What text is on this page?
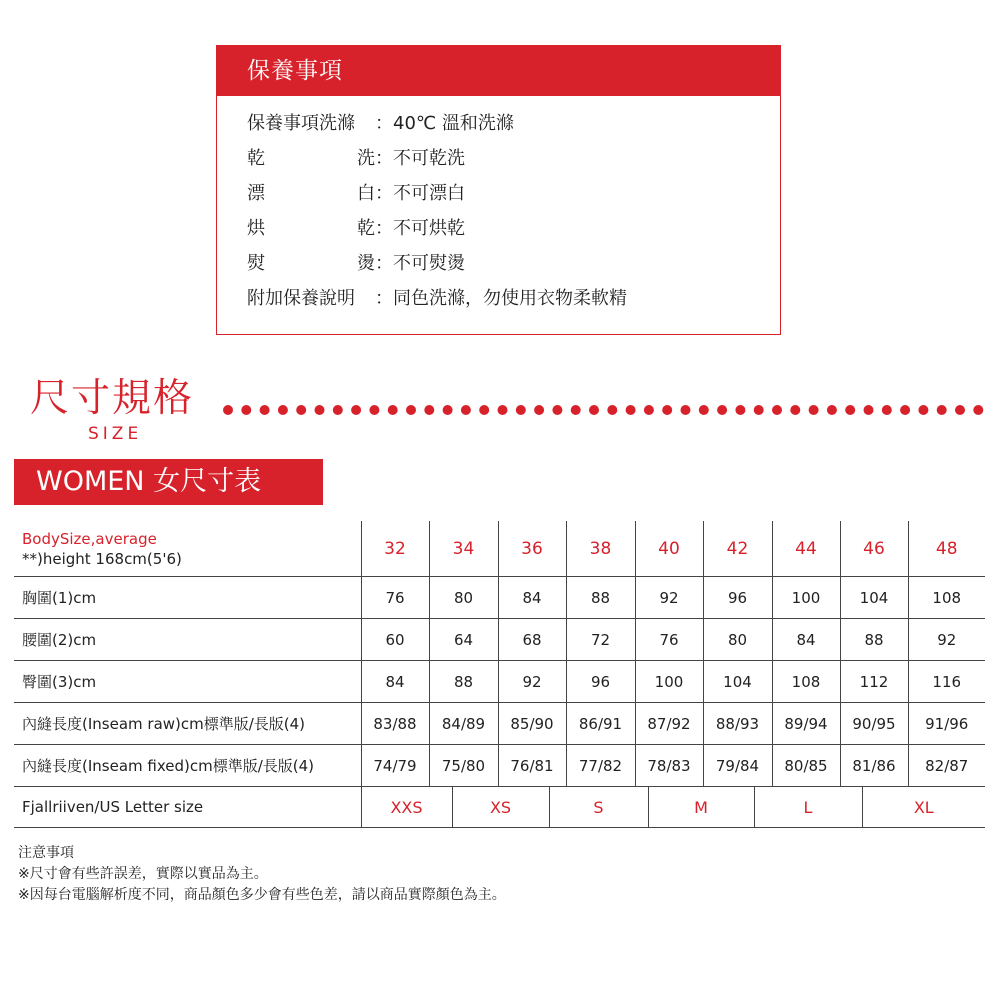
保養事項
保養事項洗滌 ： 40℃ 溫和洗滌
乾	洗 ： 不可乾洗
漂	白 ： 不可漂白
烘	乾 ： 不可烘乾
熨	燙 ： 不可熨燙
附加保養說明 ： 同色洗滌，勿使用衣物柔軟精
尺寸規格
SIZE
WOMEN 女尺寸表
BodySize,average
**)height 168cm(5'6)	32	34	36	38	40	42	44	46	48
胸圍(1)cm	76	80	84	88	92	96	100	104	108
腰圍(2)cm	60	64	68	72	76	80	84	88	92
臀圍(3)cm	84	88	92	96	100	104	108	112	116
內縫長度(Inseam raw)cm標準版/長版(4)	83/88	84/89	85/90	86/91	87/92	88/93	89/94	90/95	91/96
內縫長度(Inseam fixed)cm標準版/長版(4)	74/79	75/80	76/81	77/82	78/83	79/84	80/85	81/86	82/87
Fjallriiven/US Letter size	XXS	XS	S	M	L	XL
注意事項
※尺寸會有些許誤差，實際以實品為主。
※因每台電腦解析度不同，商品顏色多少會有些色差，請以商品實際顏色為主。
